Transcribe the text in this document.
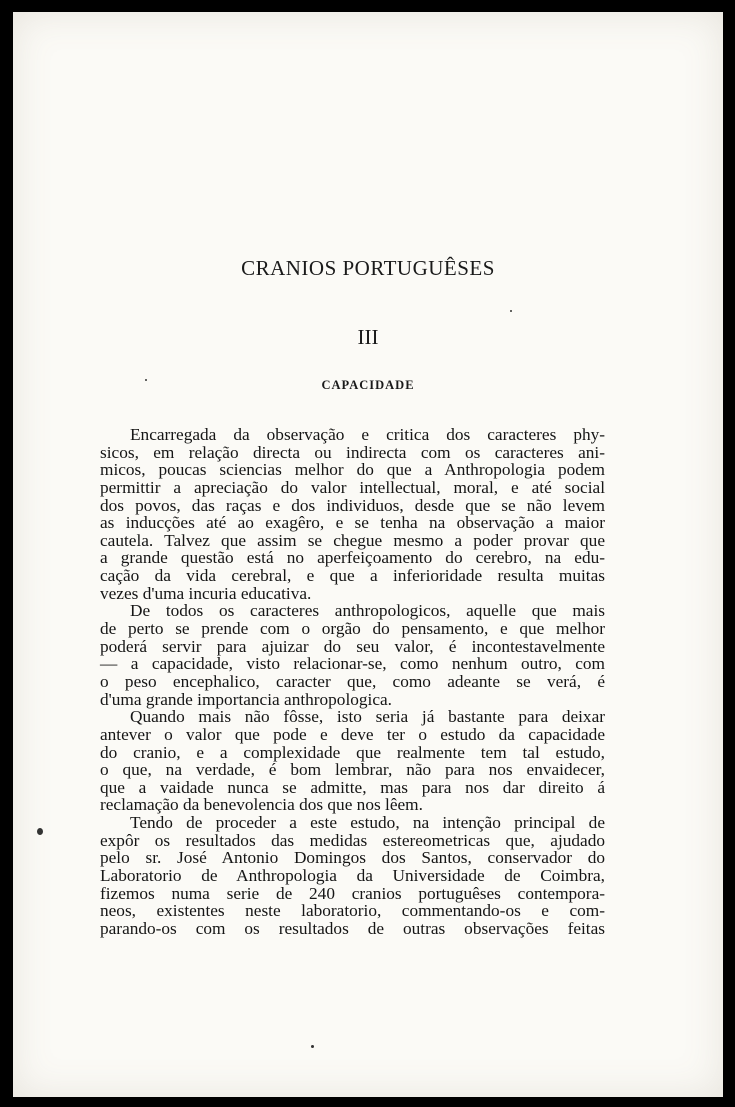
CRANIOS PORTUGUÊSES
III
CAPACIDADE
Encarregada da observação e critica dos caracteres phy-
sicos, em relação directa ou indirecta com os caracteres ani-
micos, poucas sciencias melhor do que a Anthropologia podem
permittir a apreciação do valor intellectual, moral, e até social
dos povos, das raças e dos individuos, desde que se não levem
as inducções até ao exagêro, e se tenha na observação a maior
cautela. Talvez que assim se chegue mesmo a poder provar que
a grande questão está no aperfeiçoamento do cerebro, na edu-
cação da vida cerebral, e que a inferioridade resulta muitas
vezes d'uma incuria educativa.
De todos os caracteres anthropologicos, aquelle que mais
de perto se prende com o orgão do pensamento, e que melhor
poderá servir para ajuizar do seu valor, é incontestavelmente
— a capacidade, visto relacionar-se, como nenhum outro, com
o peso encephalico, caracter que, como adeante se verá, é
d'uma grande importancia anthropologica.
Quando mais não fôsse, isto seria já bastante para deixar
antever o valor que pode e deve ter o estudo da capacidade
do cranio, e a complexidade que realmente tem tal estudo,
o que, na verdade, é bom lembrar, não para nos envaidecer,
que a vaidade nunca se admitte, mas para nos dar direito á
reclamação da benevolencia dos que nos lêem.
Tendo de proceder a este estudo, na intenção principal de
expôr os resultados das medidas estereometricas que, ajudado
pelo sr. José Antonio Domingos dos Santos, conservador do
Laboratorio de Anthropologia da Universidade de Coimbra,
fizemos numa serie de 240 cranios portuguêses contempora-
neos, existentes neste laboratorio, commentando-os e com-
parando-os com os resultados de outras observações feitas
